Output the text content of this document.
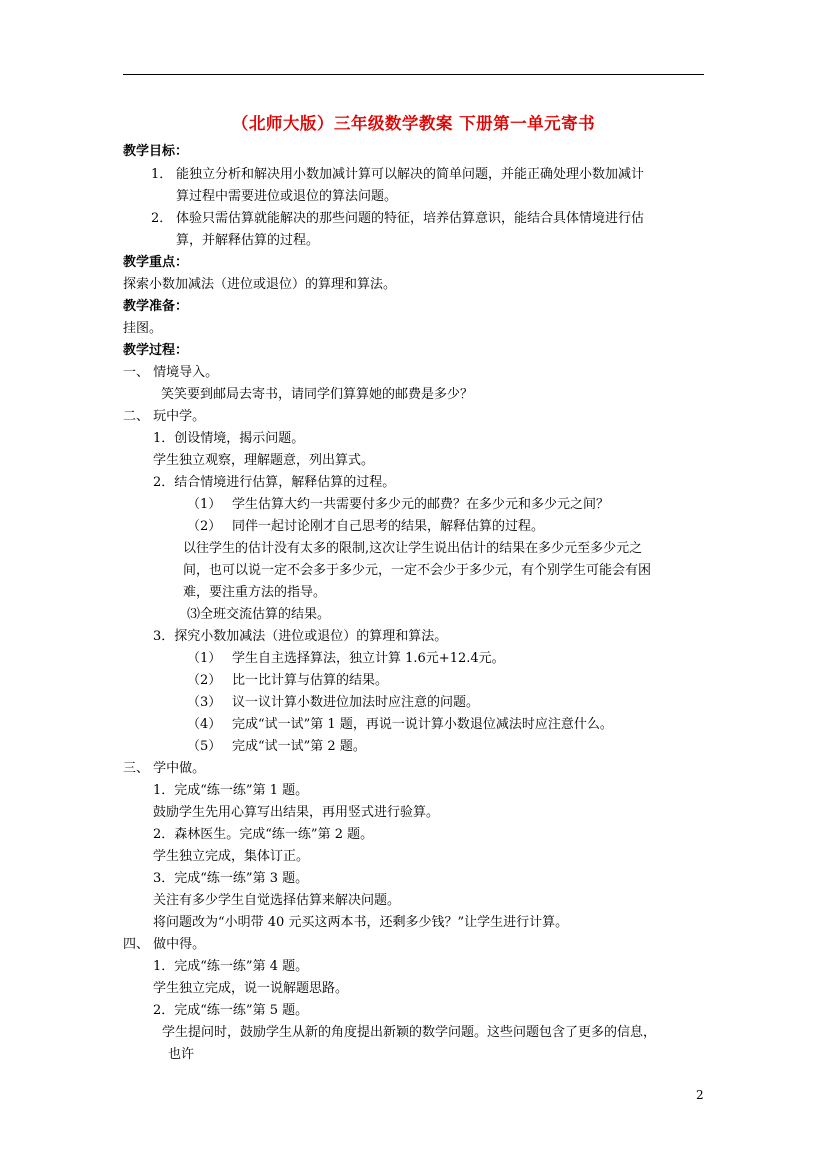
（北师大版）三年级数学教案 下册第一单元寄书
教学目标：
1． 能独立分析和解决用小数加减计算可以解决的简单问题，并能正确处理小数加减计
算过程中需要进位或退位的算法问题。
2． 体验只需估算就能解决的那些问题的特征，培养估算意识，能结合具体情境进行估
算，并解释估算的过程。
教学重点：
探索小数加减法（进位或退位）的算理和算法。
教学准备：
挂图。
教学过程：
一、 情境导入。
笑笑要到邮局去寄书，请同学们算算她的邮费是多少？
二、 玩中学。
1．创设情境，揭示问题。
学生独立观察，理解题意，列出算式。
2．结合情境进行估算，解释估算的过程。
（1） 学生估算大约一共需要付多少元的邮费？在多少元和多少元之间？
（2） 同伴一起讨论刚才自己思考的结果，解释估算的过程。
以往学生的估计没有太多的限制,这次让学生说出估计的结果在多少元至多少元之
间，也可以说一定不会多于多少元，一定不会少于多少元，有个别学生可能会有困
难，要注重方法的指导。
⑶全班交流估算的结果。
3．探究小数加减法（进位或退位）的算理和算法。
（1） 学生自主选择算法，独立计算 1.6元+12.4元。
（2） 比一比计算与估算的结果。
（3） 议一议计算小数进位加法时应注意的问题。
（4） 完成“试一试”第 1 题，再说一说计算小数退位减法时应注意什么。
（5） 完成“试一试”第 2 题。
三、 学中做。
1．完成“练一练”第 1 题。
鼓励学生先用心算写出结果，再用竖式进行验算。
2．森林医生。完成“练一练”第 2 题。
学生独立完成，集体订正。
3．完成“练一练”第 3 题。
关注有多少学生自觉选择估算来解决问题。
将问题改为“小明带 40 元买这两本书，还剩多少钱？”让学生进行计算。
四、 做中得。
1．完成“练一练”第 4 题。
学生独立完成，说一说解题思路。
2．完成“练一练”第 5 题。
学生提问时，鼓励学生从新的角度提出新颖的数学问题。这些问题包含了更多的信息，
也许
2
